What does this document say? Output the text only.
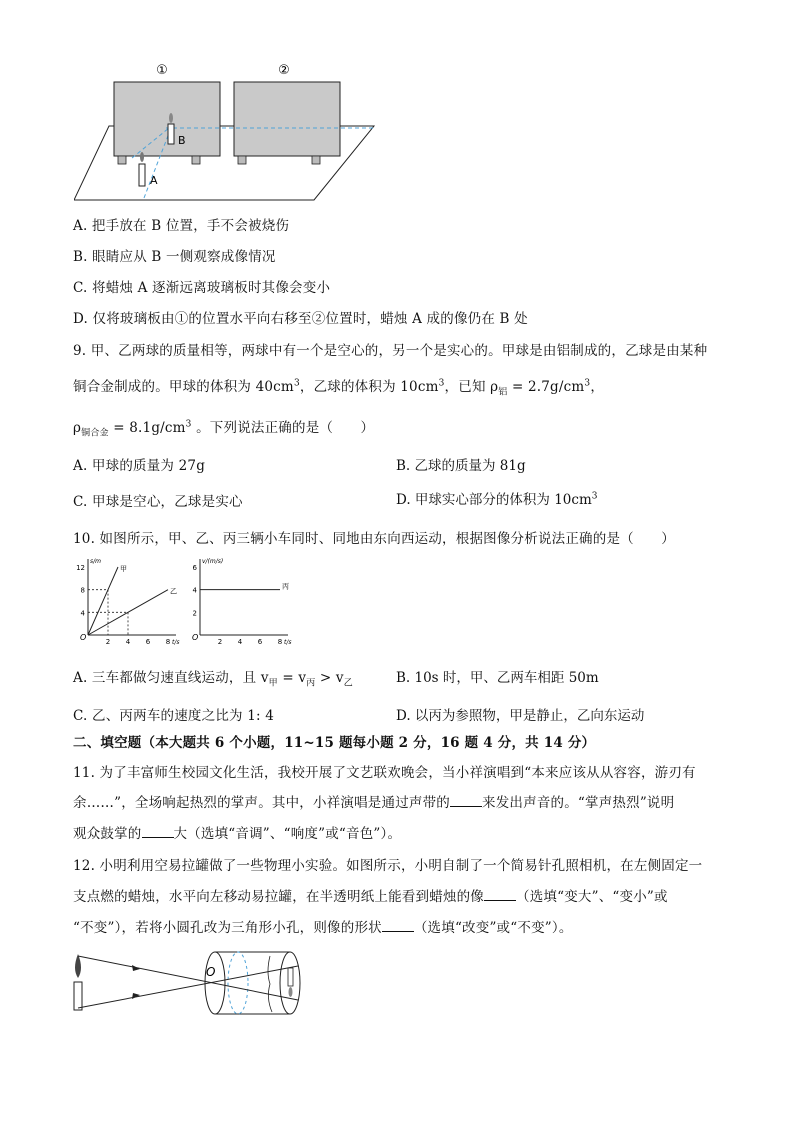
①	②
B
A
A. 把手放在 B 位置，手不会被烧伤
B. 眼睛应从 B 一侧观察成像情况
C. 将蜡烛 A 逐渐远离玻璃板时其像会变小
D. 仅将玻璃板由①的位置水平向右移至②位置时，蜡烛 A 成的像仍在 B 处
9. 甲、乙两球的质量相等，两球中有一个是空心的，另一个是实心的。甲球是由铝制成的，乙球是由某种
铜合金制成的。甲球的体积为 $40cm^3$，乙球的体积为 $10cm^3$，已知 $\rho_铝 = 2.7g/cm^3$，
$\rho_{铜合金} = 8.1g/cm^3$ 。下列说法正确的是（　　）
A. 甲球的质量为 27g	B. 乙球的质量为 81g
C. 甲球是空心，乙球是实心	D. 甲球实心部分的体积为 $10cm^3$
10. 如图所示，甲、乙、丙三辆小车同时、同地由东向西运动，根据图像分析说法正确的是（　　）
s/m
t/s
O	2 4 6 8
4
8
12	甲
乙
v/(m/s)
t/s
O	2 4 6 8
2
4
6
丙
A. 三车都做匀速直线运动，且 $v_甲 = v_丙 > v_乙$	B. 10s 时，甲、乙两车相距 50m
C. 乙、丙两车的速度之比为 1: 4	D. 以丙为参照物，甲是静止，乙向东运动
二、填空题（本大题共 6 个小题，11~15 题每小题 2 分，16 题 4 分，共 14 分）
11. 为了丰富师生校园文化生活，我校开展了文艺联欢晚会，当小祥演唱到“本来应该从从容容，游刃有
余……”，全场响起热烈的掌声。其中，小祥演唱是通过声带的 来发出声音的。“掌声热烈”说明
观众鼓掌的 大（选填“音调”、“响度”或“音色”）。
12. 小明利用空易拉罐做了一些物理小实验。如图所示，小明自制了一个简易针孔照相机，在左侧固定一
支点燃的蜡烛，水平向左移动易拉罐，在半透明纸上能看到蜡烛的像 （选填“变大”、“变小”或
“不变”），若将小圆孔改为三角形小孔，则像的形状 （选填“改变”或“不变”）。
O
